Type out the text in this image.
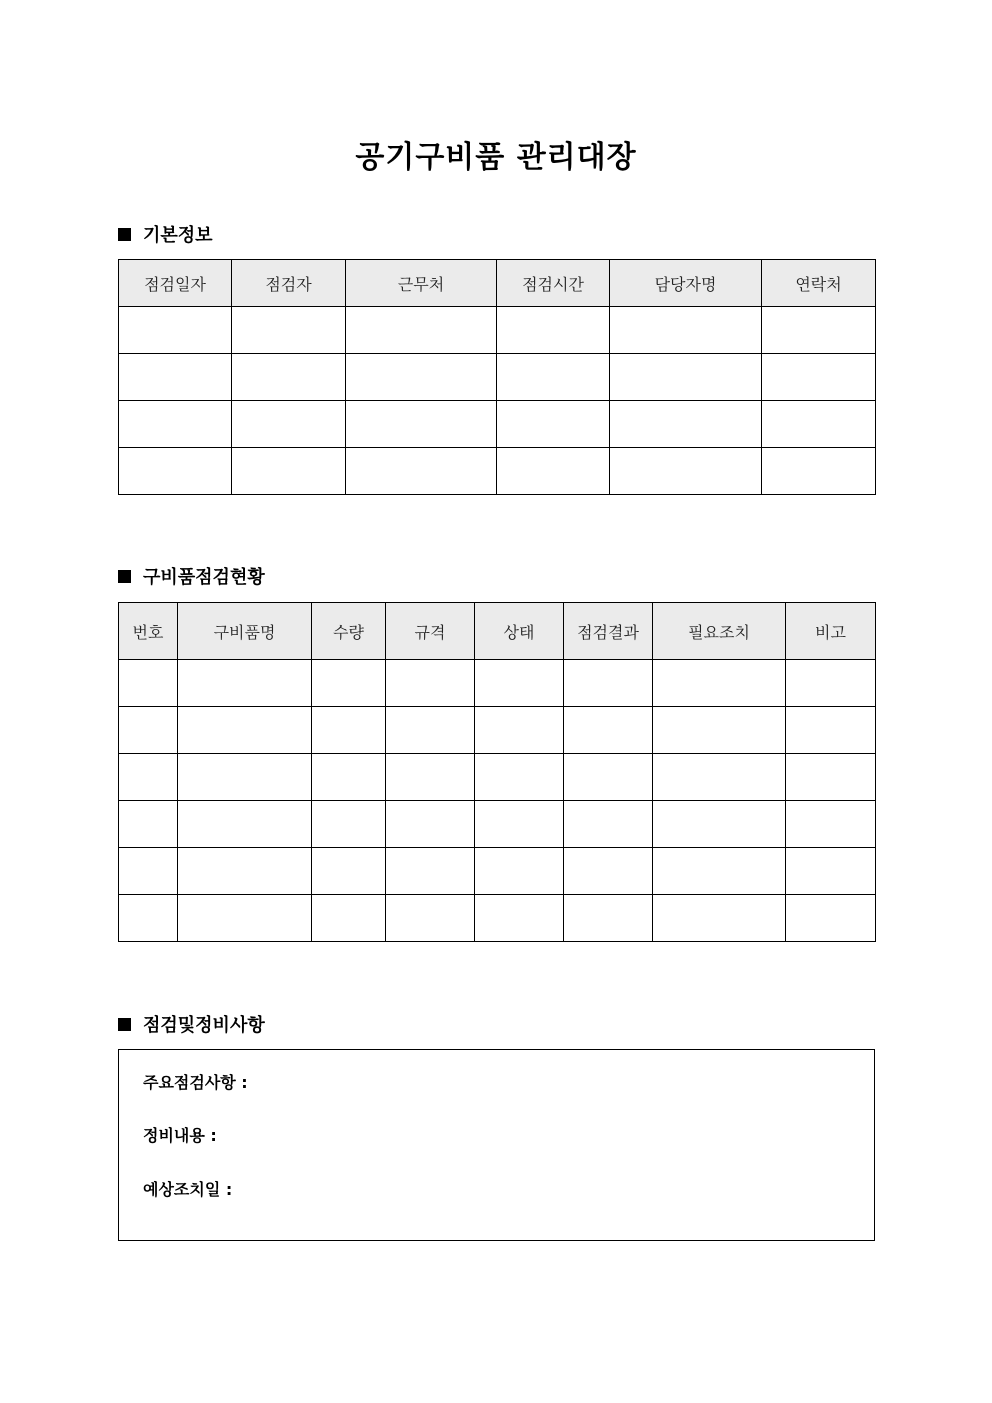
공기구비품 관리대장
기본정보
점검일자	점검자	근무처	점검시간	담당자명	연락처

구비품점검현황
번호	구비품명	수량	규격	상태	점검결과	필요조치	비고

점검및정비사항
주요점검사항 :
정비내용 :
예상조치일 :
